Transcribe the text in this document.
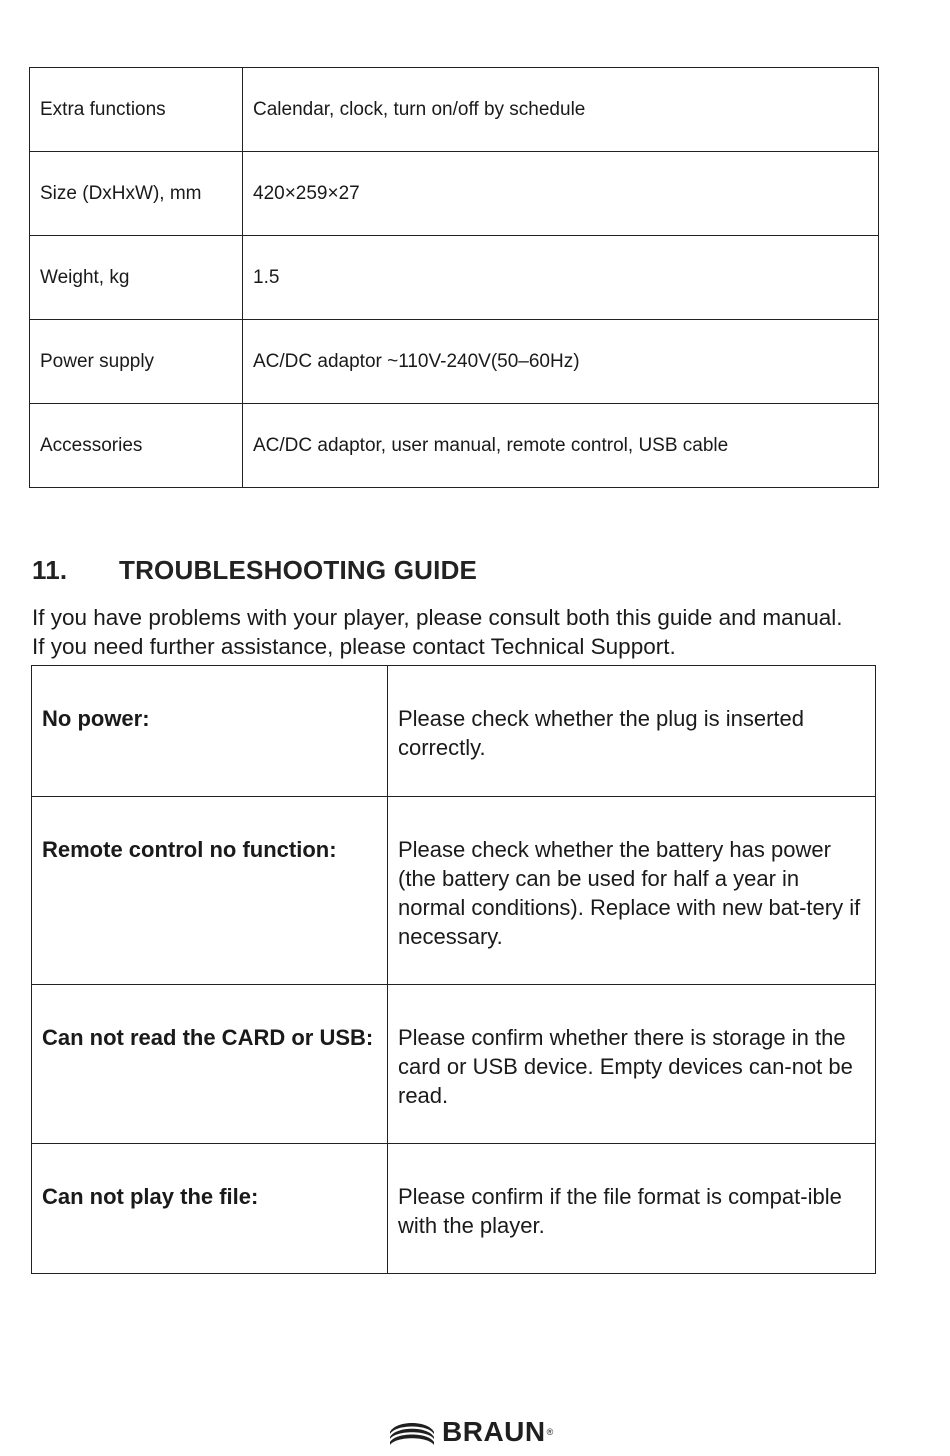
Extra functions	Calendar, clock, turn on/off by schedule
Size (DxHxW), mm	420×259×27
Weight, kg	1.5
Power supply	AC/DC adaptor ~110V-240V(50–60Hz)
Accessories	AC/DC adaptor, user manual, remote control, USB cable
11. TROUBLESHOOTING GUIDE

If you have problems with your player, please consult both this guide and manual.
If you need further assistance, please contact Technical Support.

No power:	Please check whether the plug is inserted correctly.
Remote control no function:	Please check whether the battery has power (the battery can be used for half a year in normal conditions). Replace with new bat-tery if necessary.
Can not read the CARD or USB:	Please confirm whether there is storage in the card or USB device. Empty devices can-not be read.
Can not play the file:	Please confirm if the file format is compat-ible with the player.
BRAUN ®
